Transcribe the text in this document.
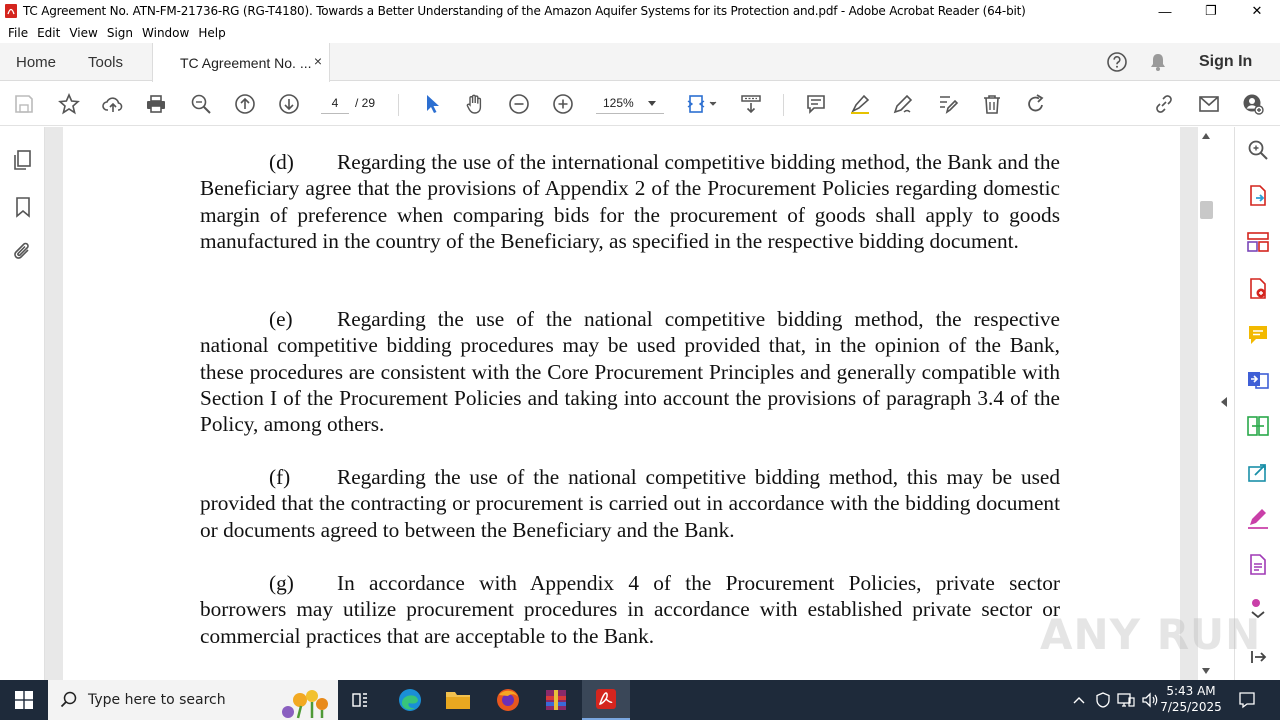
TC Agreement No. ATN-FM-21736-RG (RG-T4180). Towards a Better Understanding of the Amazon Aquifer Systems for its Protection and.pdf - Adobe Acrobat Reader (64-bit)	—	❐	✕
File Edit View Sign Window Help
Home Tools	TC Agreement No. ... ×	Sign In
4	/ 29	125%

(d) Regarding the use of the international competitive bidding method, the Bank and the Beneficiary agree that the provisions of Appendix 2 of the Procurement Policies regarding domestic margin of preference when comparing bids for the procurement of goods shall apply to goods manufactured in the country of the Beneficiary, as specified in the respective bidding document.

(e) Regarding the use of the national competitive bidding method, the respective national competitive bidding procedures may be used provided that, in the opinion of the Bank, these procedures are consistent with the Core Procurement Principles and generally compatible with Section I of the Procurement Policies and taking into account the provisions of paragraph 3.4 of the Policy, among others.

(f) Regarding the use of the national competitive bidding method, this may be used provided that the contracting or procurement is carried out in accordance with the bidding document or documents agreed to between the Beneficiary and the Bank.

(g) In accordance with Appendix 4 of the Procurement Policies, private sector borrowers may utilize procurement procedures in accordance with established private sector or commercial practices that are acceptable to the Bank.	ANY RUN
Type here to search
5:43 AM
7/25/2025
